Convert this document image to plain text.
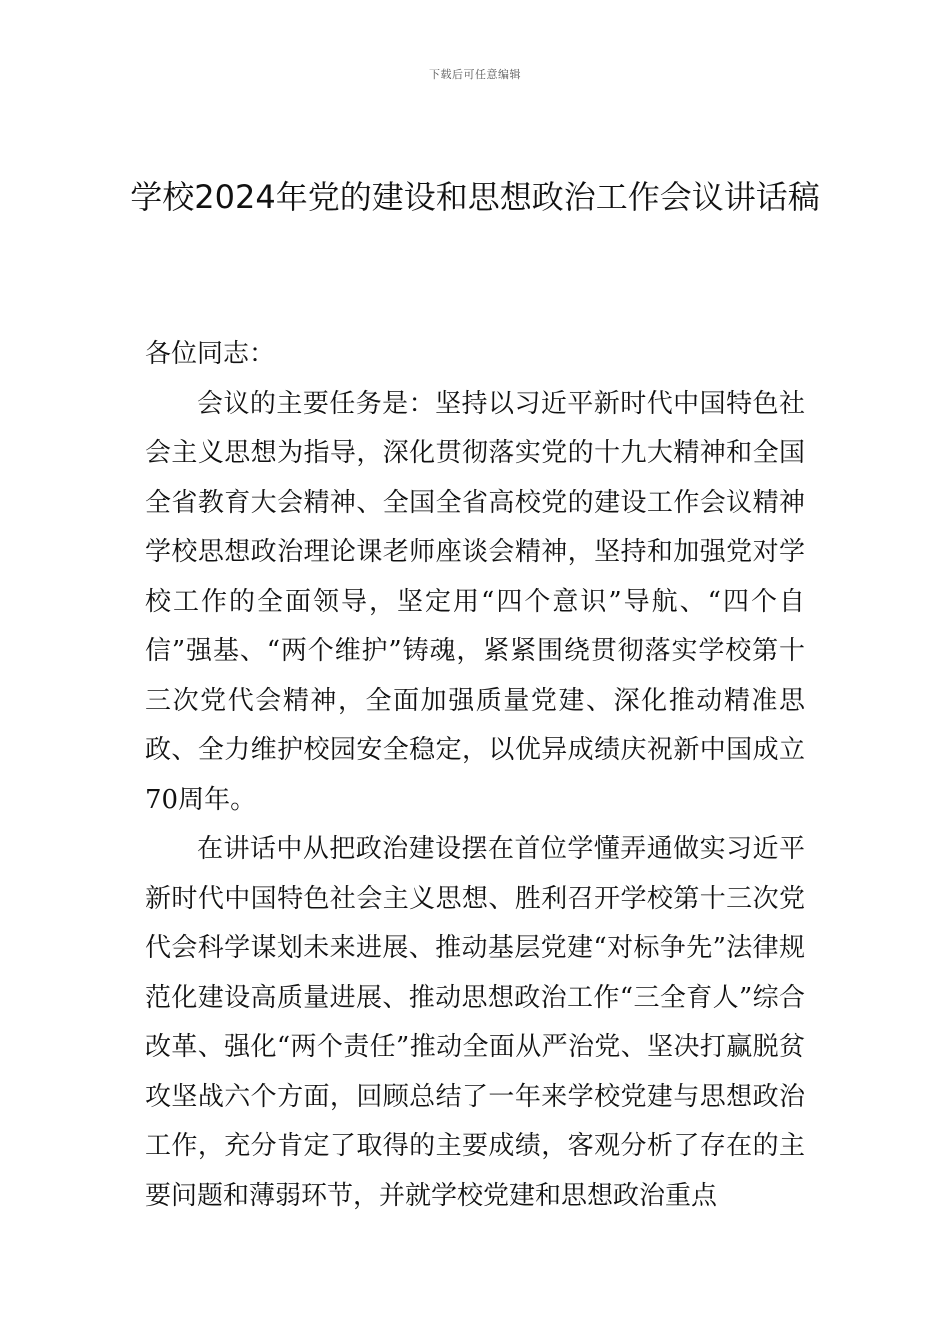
下载后可任意编辑
学校2024年党的建设和思想政治工作会议讲话稿

各位同志：

会议的主要任务是：坚持以习近平新时代中国特色社会主义思想为指导，深化贯彻落实党的十九大精神和全国全省教育大会精神、全国全省高校党的建设工作会议精神学校思想政治理论课老师座谈会精神，坚持和加强党对学校工作的全面领导，坚定用“四个意识”导航、“四个自信”强基、“两个维护”铸魂，紧紧围绕贯彻落实学校第十三次党代会精神，全面加强质量党建、深化推动精准思政、全力维护校园安全稳定，以优异成绩庆祝新中国成立70周年。

在讲话中从把政治建设摆在首位学懂弄通做实习近平新时代中国特色社会主义思想、胜利召开学校第十三次党代会科学谋划未来进展、推动基层党建“对标争先”法律规范化建设高质量进展、推动思想政治工作“三全育人”综合改革、强化“两个责任”推动全面从严治党、坚决打赢脱贫攻坚战六个方面，回顾总结了一年来学校党建与思想政治工作，充分肯定了取得的主要成绩，客观分析了存在的主要问题和薄弱环节，并就学校党建和思想政治重点
